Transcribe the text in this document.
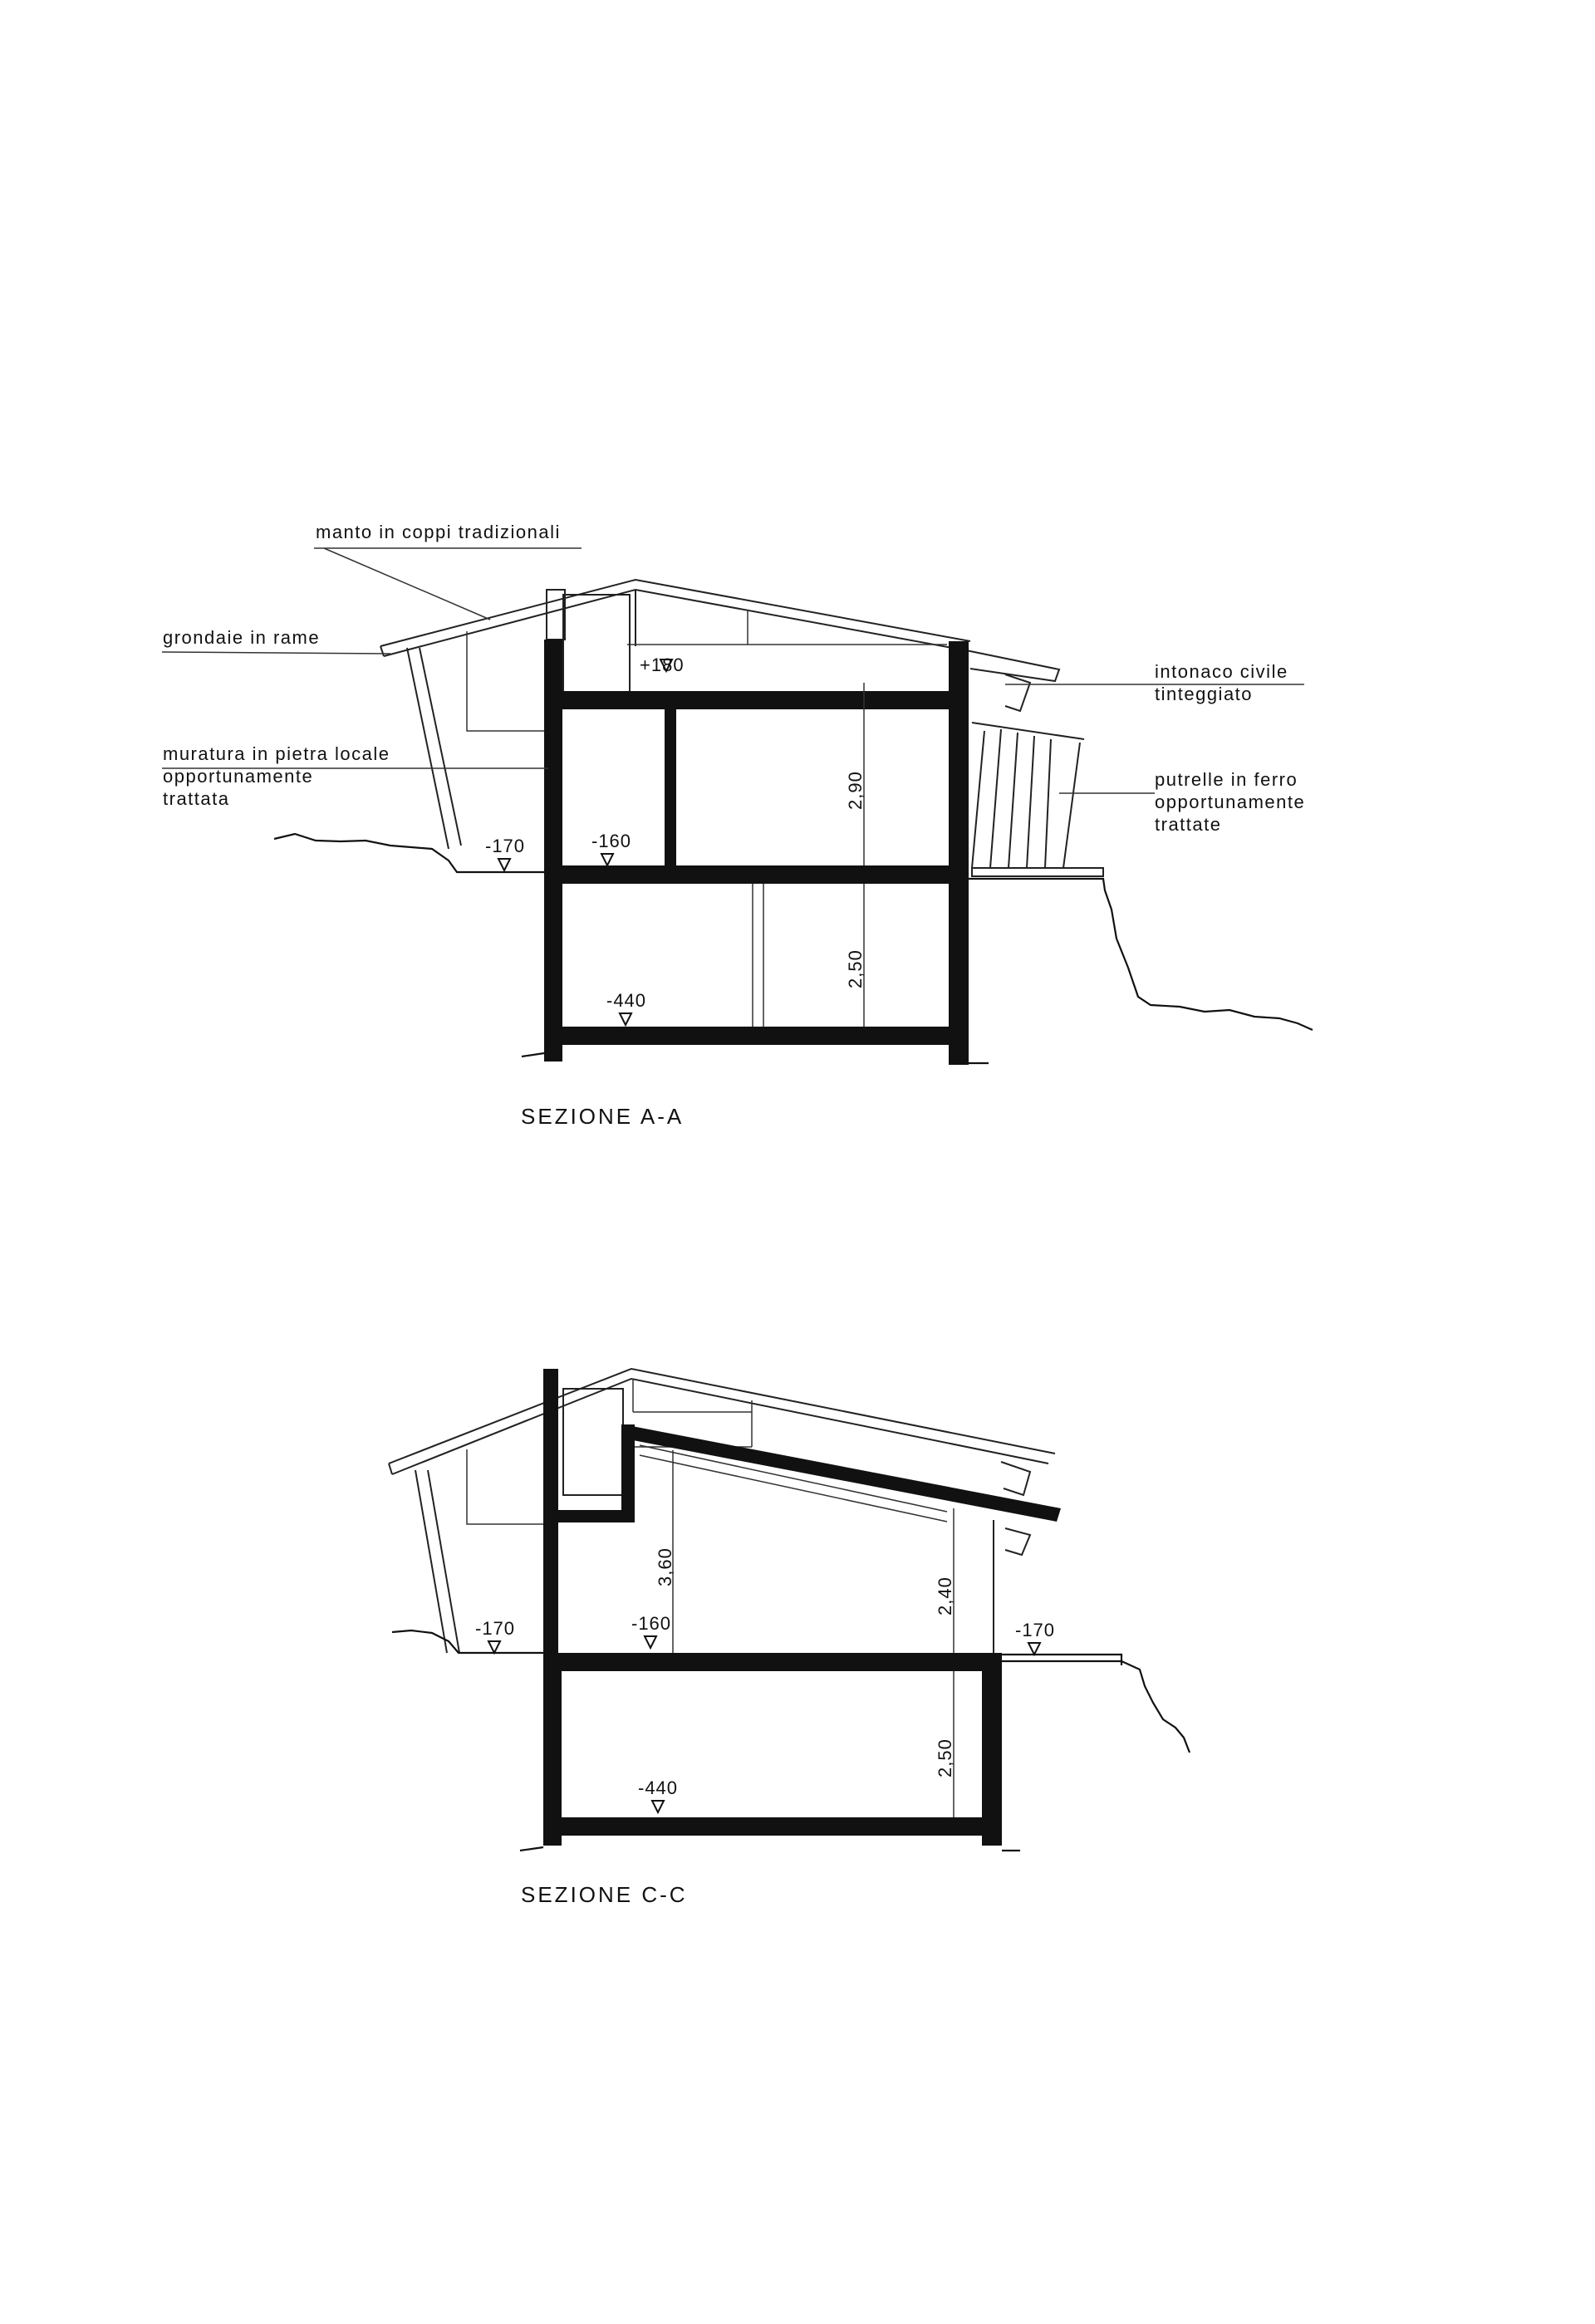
+180
-170	-160
-440
2,90
2,50
manto in coppi tradizionali
grondaie in rame
muratura in pietra locale
opportunamente
trattata
intonaco civile
tinteggiato
putrelle in ferro
opportunamente
trattate
SEZIONE A-A
-170	-160	-170
-440
3,60
2,40
2,50
SEZIONE C-C
